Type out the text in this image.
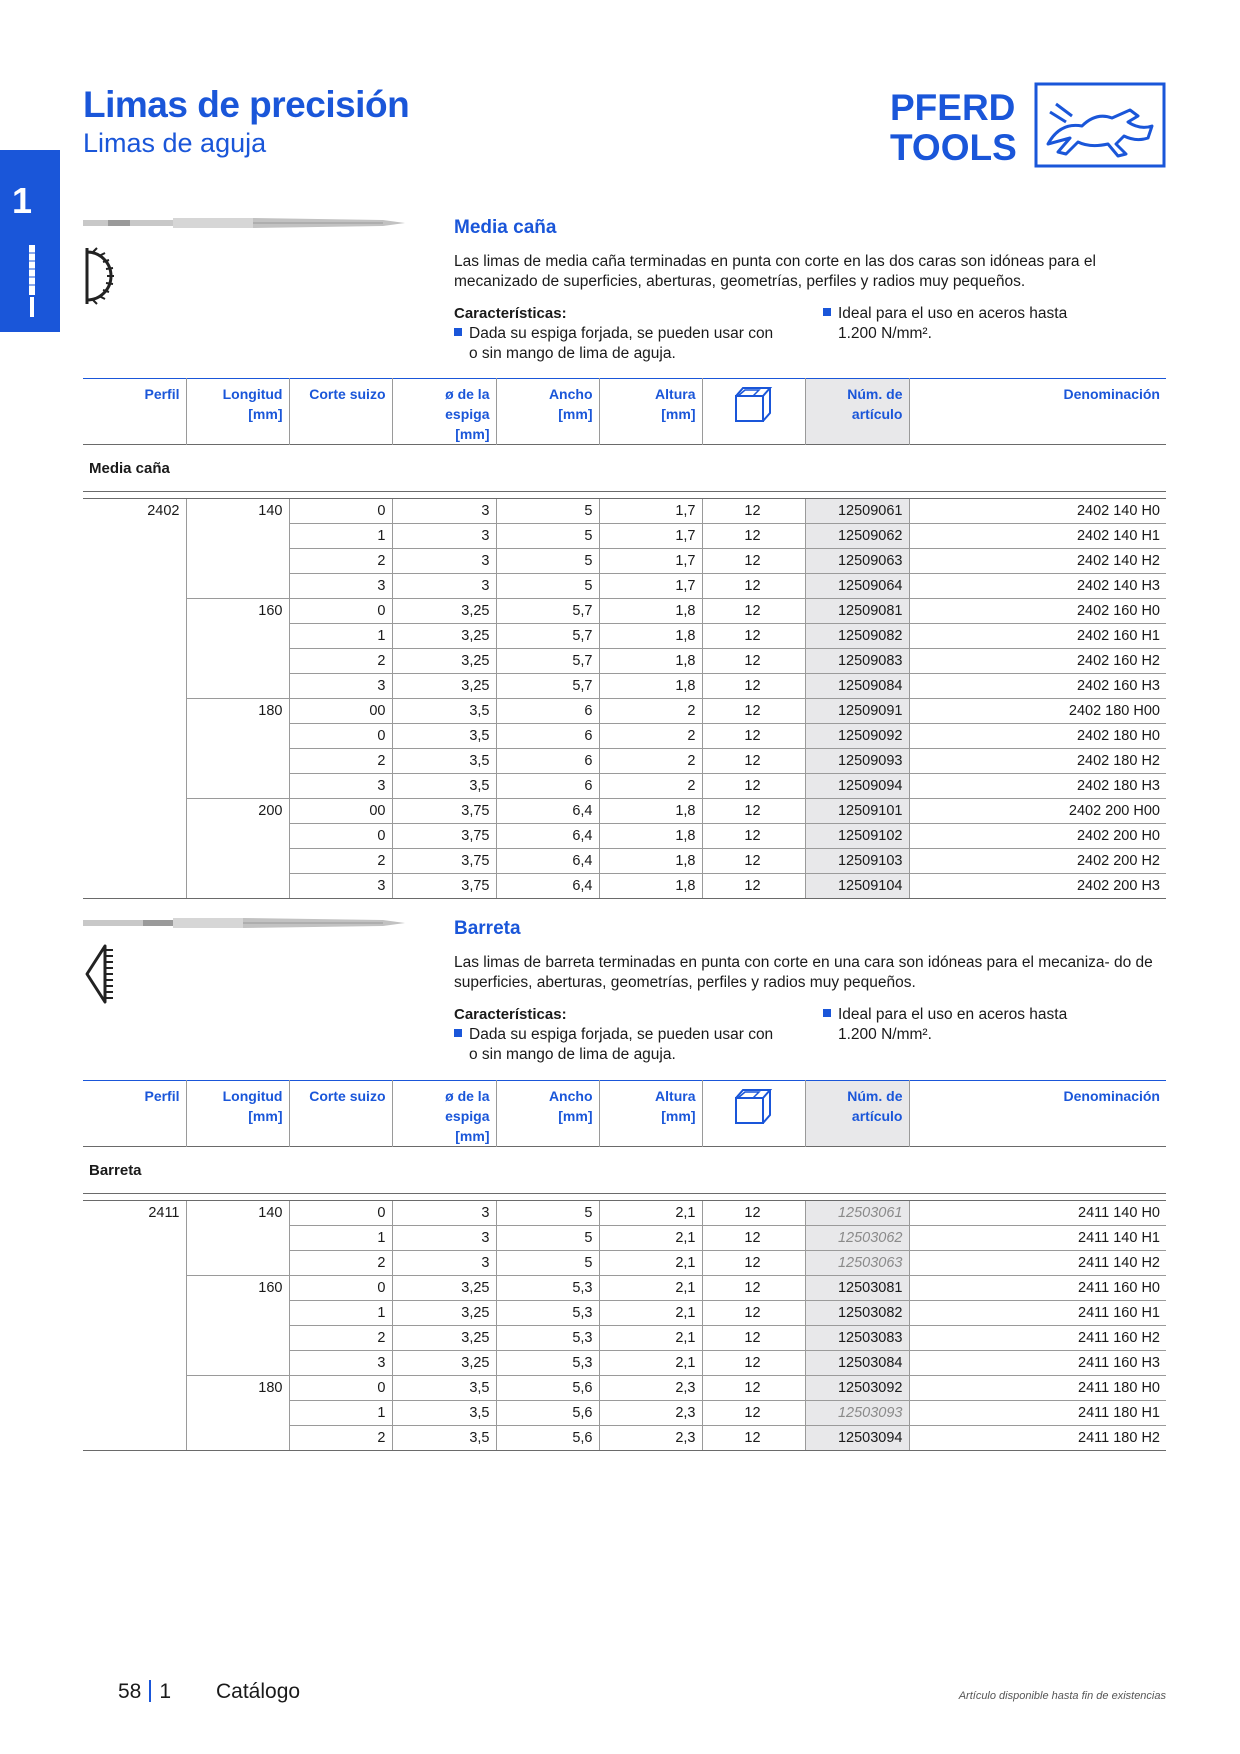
Limas de precisión
Limas de aguja
PFERD
TOOLS
1
Media caña
Las limas de media caña terminadas en punta con corte en las dos caras son idóneas para el mecanizado de superficies, aberturas, geometrías, perfiles y radios muy pequeños.
Características:
Dada su espiga forjada, se pueden usar con
o sin mango de lima de aguja.
Ideal para el uso en aceros hasta
1.200 N/mm².
Perfil	Longitud
[mm]	Corte suizo	ø de la
espiga
[mm]	Ancho
[mm]	Altura
[mm]		Núm. de
artículo	Denominación

Media caña								

2402	140	0	3	5	1,7	12	12509061	2402 140 H0
		1	3	5	1,7	12	12509062	2402 140 H1
		2	3	5	1,7	12	12509063	2402 140 H2
		3	3	5	1,7	12	12509064	2402 140 H3
	160	0	3,25	5,7	1,8	12	12509081	2402 160 H0
		1	3,25	5,7	1,8	12	12509082	2402 160 H1
		2	3,25	5,7	1,8	12	12509083	2402 160 H2
		3	3,25	5,7	1,8	12	12509084	2402 160 H3
	180	00	3,5	6	2	12	12509091	2402 180 H00
		0	3,5	6	2	12	12509092	2402 180 H0
		2	3,5	6	2	12	12509093	2402 180 H2
		3	3,5	6	2	12	12509094	2402 180 H3
	200	00	3,75	6,4	1,8	12	12509101	2402 200 H00
		0	3,75	6,4	1,8	12	12509102	2402 200 H0
		2	3,75	6,4	1,8	12	12509103	2402 200 H2
		3	3,75	6,4	1,8	12	12509104	2402 200 H3
Barreta
Las limas de barreta terminadas en punta con corte en una cara son idóneas para el mecaniza- do de superficies, aberturas, geometrías, perfiles y radios muy pequeños.
Características:
Dada su espiga forjada, se pueden usar con
o sin mango de lima de aguja.
Ideal para el uso en aceros hasta
1.200 N/mm².
Perfil	Longitud
[mm]	Corte suizo	ø de la
espiga
[mm]	Ancho
[mm]	Altura
[mm]		Núm. de
artículo	Denominación

Barreta								

2411	140	0	3	5	2,1	12	12503061	2411 140 H0
		1	3	5	2,1	12	12503062	2411 140 H1
		2	3	5	2,1	12	12503063	2411 140 H2
	160	0	3,25	5,3	2,1	12	12503081	2411 160 H0
		1	3,25	5,3	2,1	12	12503082	2411 160 H1
		2	3,25	5,3	2,1	12	12503083	2411 160 H2
		3	3,25	5,3	2,1	12	12503084	2411 160 H3
	180	0	3,5	5,6	2,3	12	12503092	2411 180 H0
		1	3,5	5,6	2,3	12	12503093	2411 180 H1
		2	3,5	5,6	2,3	12	12503094	2411 180 H2
58 1 Catálogo	Artículo disponible hasta fin de existencias
